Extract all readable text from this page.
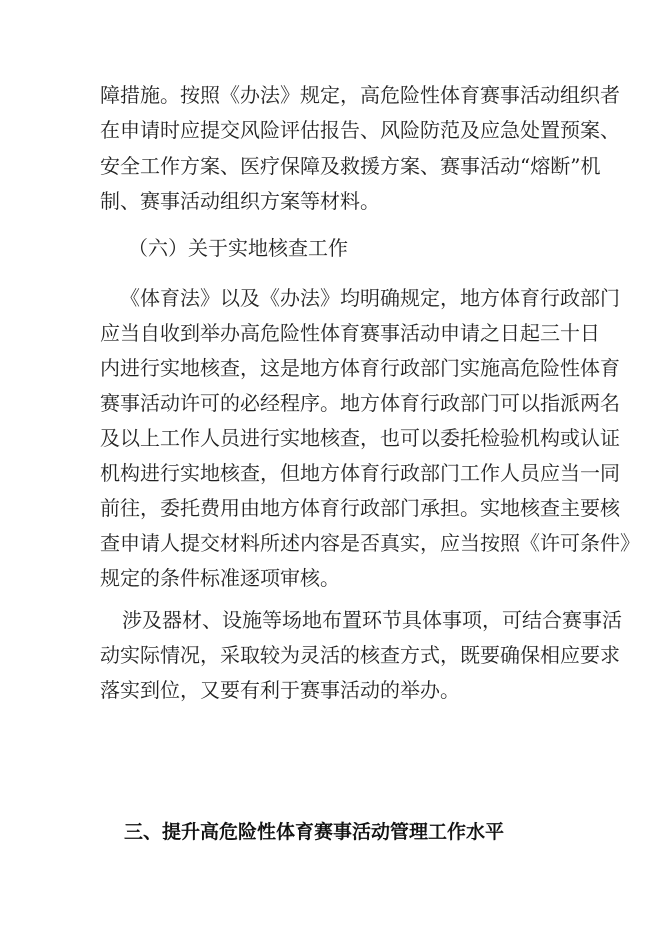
障措施。按照《办法》规定，高危险性体育赛事活动组织者
在申请时应提交风险评估报告、风险防范及应急处置预案、
安全工作方案、医疗保障及救援方案、赛事活动“熔断”机
制、赛事活动组织方案等材料。
（六）关于实地核查工作
《体育法》以及《办法》均明确规定，地方体育行政部门
应当自收到举办高危险性体育赛事活动申请之日起三十日
内进行实地核查，这是地方体育行政部门实施高危险性体育
赛事活动许可的必经程序。地方体育行政部门可以指派两名
及以上工作人员进行实地核查，也可以委托检验机构或认证
机构进行实地核查，但地方体育行政部门工作人员应当一同
前往，委托费用由地方体育行政部门承担。实地核查主要核
查申请人提交材料所述内容是否真实，应当按照《许可条件》
规定的条件标准逐项审核。
涉及器材、设施等场地布置环节具体事项，可结合赛事活
动实际情况，采取较为灵活的核查方式，既要确保相应要求
落实到位，又要有利于赛事活动的举办。
三、提升高危险性体育赛事活动管理工作水平
